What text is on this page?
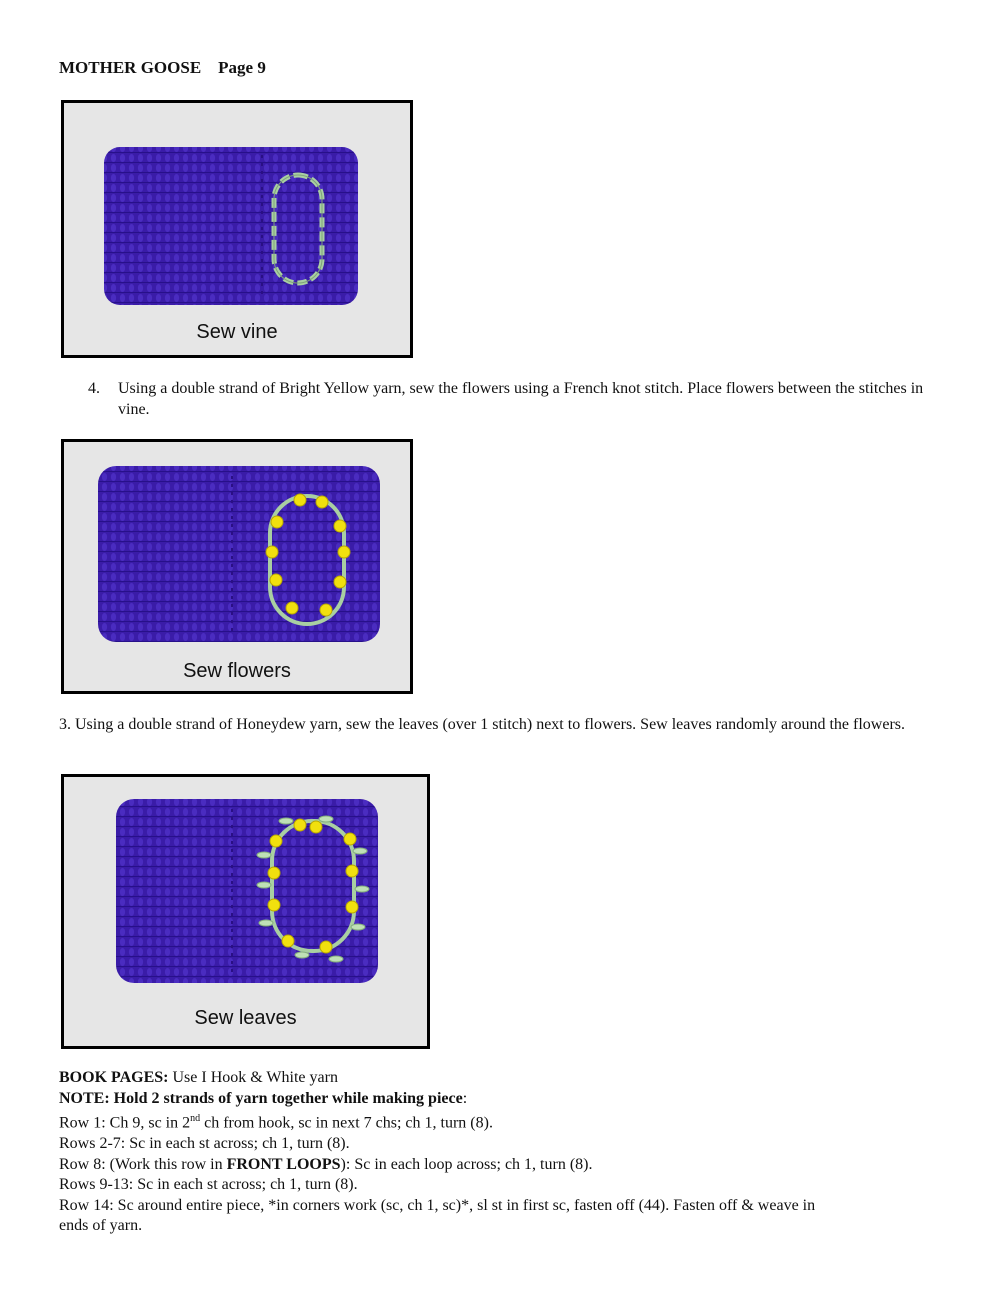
MOTHER GOOSE Page 9
Sew vine
4. Using a double strand of Bright Yellow yarn, sew the flowers using a French knot stitch. Place flowers between the stitches in vine.
Sew flowers
3. Using a double strand of Honeydew yarn, sew the leaves (over 1 stitch) next to flowers. Sew leaves randomly around the flowers.
Sew leaves
BOOK PAGES: Use I Hook & White yarn
NOTE: Hold 2 strands of yarn together while making piece:
Row 1: Ch 9, sc in 2nd ch from hook, sc in next 7 chs; ch 1, turn (8).
Rows 2-7: Sc in each st across; ch 1, turn (8).
Row 8: (Work this row in FRONT LOOPS): Sc in each loop across; ch 1, turn (8).
Rows 9-13: Sc in each st across; ch 1, turn (8).
Row 14: Sc around entire piece, *in corners work (sc, ch 1, sc)*, sl st in first sc, fasten off (44). Fasten off & weave in
ends of yarn.
